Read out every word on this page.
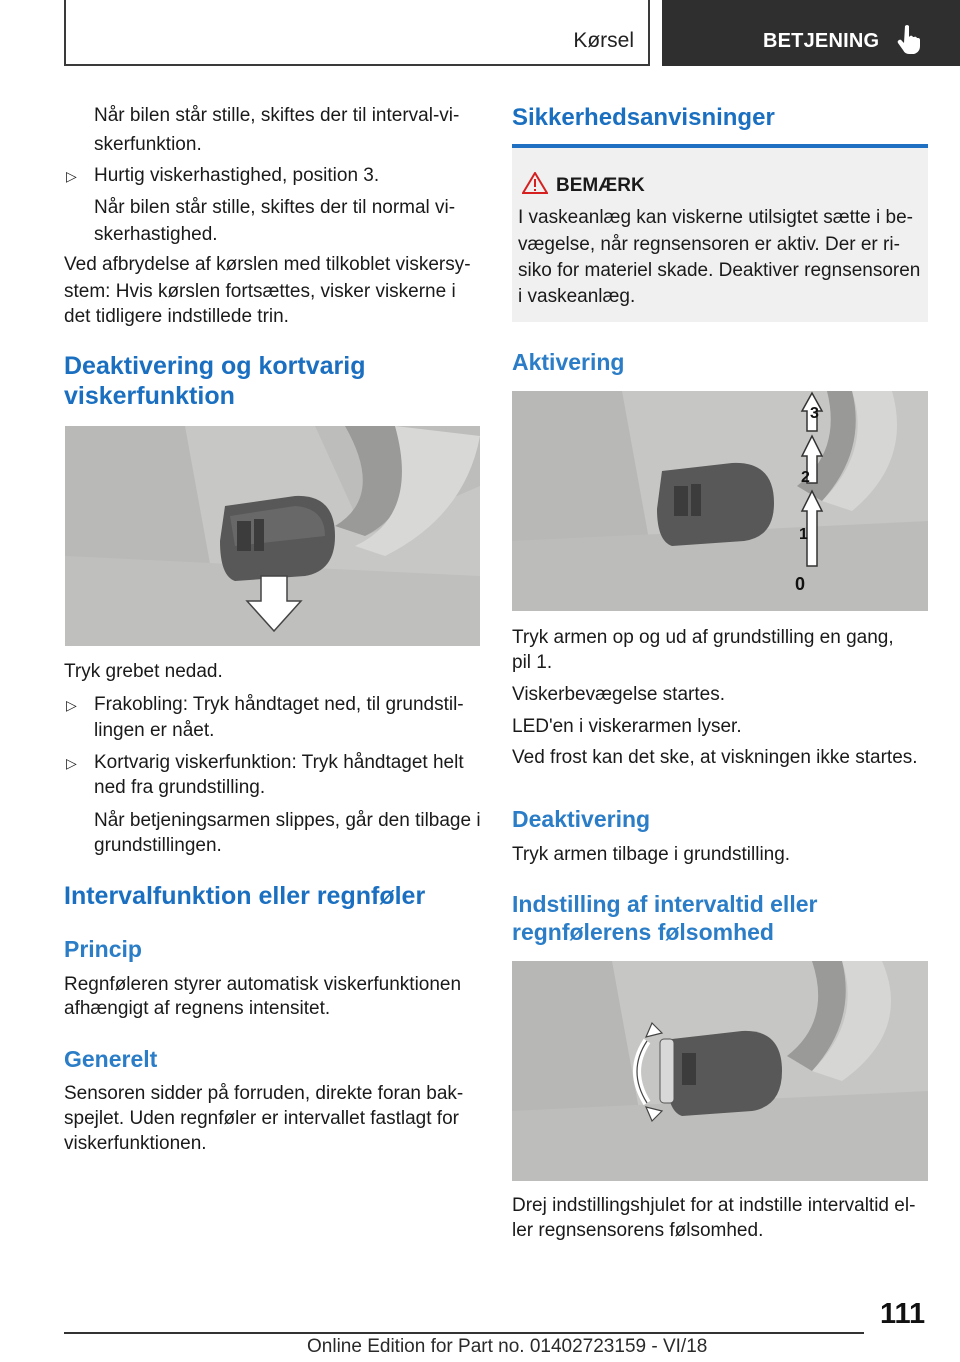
Kørsel	BETJENING
Når bilen står stille, skiftes der til interval-vi‐
skerfunktion.
▷ Hurtig viskerhastighed, position 3.
Når bilen står stille, skiftes der til normal vi‐
skerhastighed.
Ved afbrydelse af kørslen med tilkoblet viskersy‐
stem: Hvis kørslen fortsættes, visker viskerne i
det tidligere indstillede trin.
Deaktivering og kortvarig
viskerfunktion
Tryk grebet nedad.
▷ Frakobling: Tryk håndtaget ned, til grundstil‐
lingen er nået.
▷ Kortvarig viskerfunktion: Tryk håndtaget helt
ned fra grundstilling.
Når betjeningsarmen slippes, går den tilbage i
grundstillingen.
Intervalfunktion eller regnføler
Princip
Regnføleren styrer automatisk viskerfunktionen
afhængigt af regnens intensitet.
Generelt
Sensoren sidder på forruden, direkte foran bak‐
spejlet. Uden regnføler er intervallet fastlagt for
viskerfunktionen.
Sikkerhedsanvisninger
BEMÆRK
I vaskeanlæg kan viskerne utilsigtet sætte i be‐
vægelse, når regnsensoren er aktiv. Der er ri‐
siko for materiel skade. Deaktiver regnsensoren
i vaskeanlæg.
Aktivering
3
2
1
0
Tryk armen op og ud af grundstilling en gang,
pil 1.
Viskerbevægelse startes.
LED'en i viskerarmen lyser.
Ved frost kan det ske, at viskningen ikke startes.
Deaktivering
Tryk armen tilbage i grundstilling.
Indstilling af intervaltid eller
regnfølerens følsomhed
Drej indstillingshjulet for at indstille intervaltid el‐
ler regnsensorens følsomhed.
111
Online Edition for Part no. 01402723159 - VI/18
